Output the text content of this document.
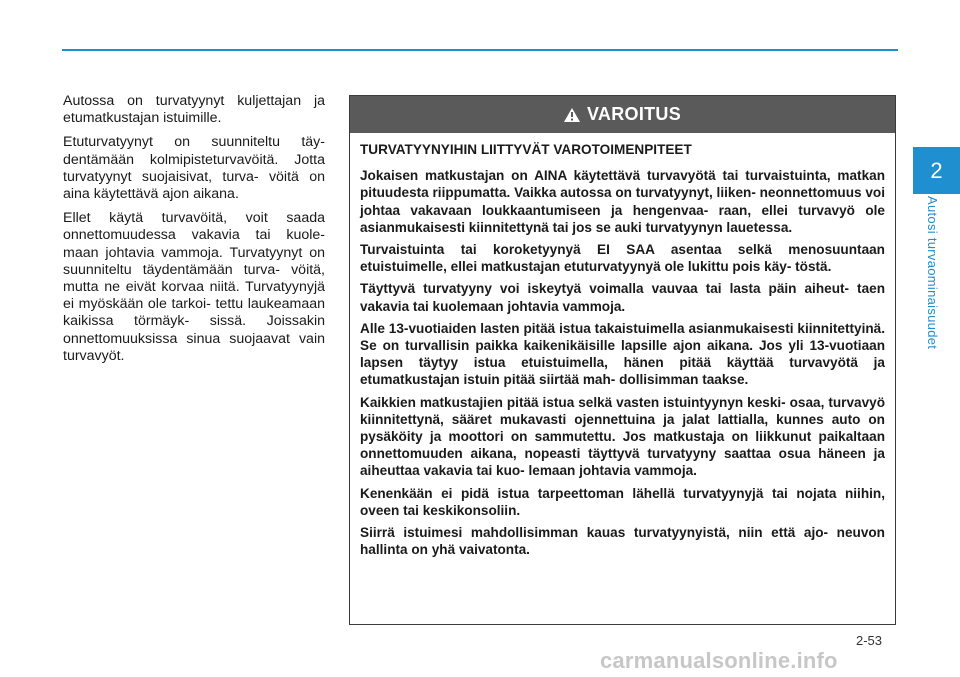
Autossa on turvatyynyt kuljettajan ja etumatkustajan istuimille.

Etuturvatyynyt on suunniteltu täy- dentämään kolmipisteturvavöitä. Jotta turvatyynyt suojaisivat, turva- vöitä on aina käytettävä ajon aikana.

Ellet käytä turvavöitä, voit saada onnettomuudessa vakavia tai kuole- maan johtavia vammoja. Turvatyynyt on suunniteltu täydentämään turva- vöitä, mutta ne eivät korvaa niitä. Turvatyynyjä ei myöskään ole tarkoi- tettu laukeamaan kaikissa törmäyk- sissä. Joissakin onnettomuuksissa sinua suojaavat vain turvavyöt.

VAROITUS

TURVATYYNYIHIN LIITTYVÄT VAROTOIMENPITEET

Jokaisen matkustajan on AINA käytettävä turvavyötä tai turvaistuinta, matkan pituudesta riippumatta. Vaikka autossa on turvatyynyt, liiken- neonnettomuus voi johtaa vakavaan loukkaantumiseen ja hengenvaa- raan, ellei turvavyö ole asianmukaisesti kiinnitettynä tai jos se auki turvatyynyn lauetessa.

Turvaistuinta tai koroketyynyä EI SAA asentaa selkä menosuuntaan etuistuimelle, ellei matkustajan etuturvatyynyä ole lukittu pois käy- töstä.

Täyttyvä turvatyyny voi iskeytyä voimalla vauvaa tai lasta päin aiheut- taen vakavia tai kuolemaan johtavia vammoja.

Alle 13-vuotiaiden lasten pitää istua takaistuimella asianmukaisesti kiinnitettyinä. Se on turvallisin paikka kaikenikäisille lapsille ajon aikana. Jos yli 13-vuotiaan lapsen täytyy istua etuistuimella, hänen pitää käyttää turvavyötä ja etumatkustajan istuin pitää siirtää mah- dollisimman taakse.

Kaikkien matkustajien pitää istua selkä vasten istuintyynyn keski- osaa, turvavyö kiinnitettynä, sääret mukavasti ojennettuina ja jalat lattialla, kunnes auto on pysäköity ja moottori on sammutettu. Jos matkustaja on liikkunut paikaltaan onnettomuuden aikana, nopeasti täyttyvä turvatyyny saattaa osua häneen ja aiheuttaa vakavia tai kuo- lemaan johtavia vammoja.

Kenenkään ei pidä istua tarpeettoman lähellä turvatyynyjä tai nojata niihin, oveen tai keskikonsoliin.

Siirrä istuimesi mahdollisimman kauas turvatyynyistä, niin että ajo- neuvon hallinta on yhä vaivatonta.

2
Autosi turvaominaisuudet
2-53
carmanualsonline.info
